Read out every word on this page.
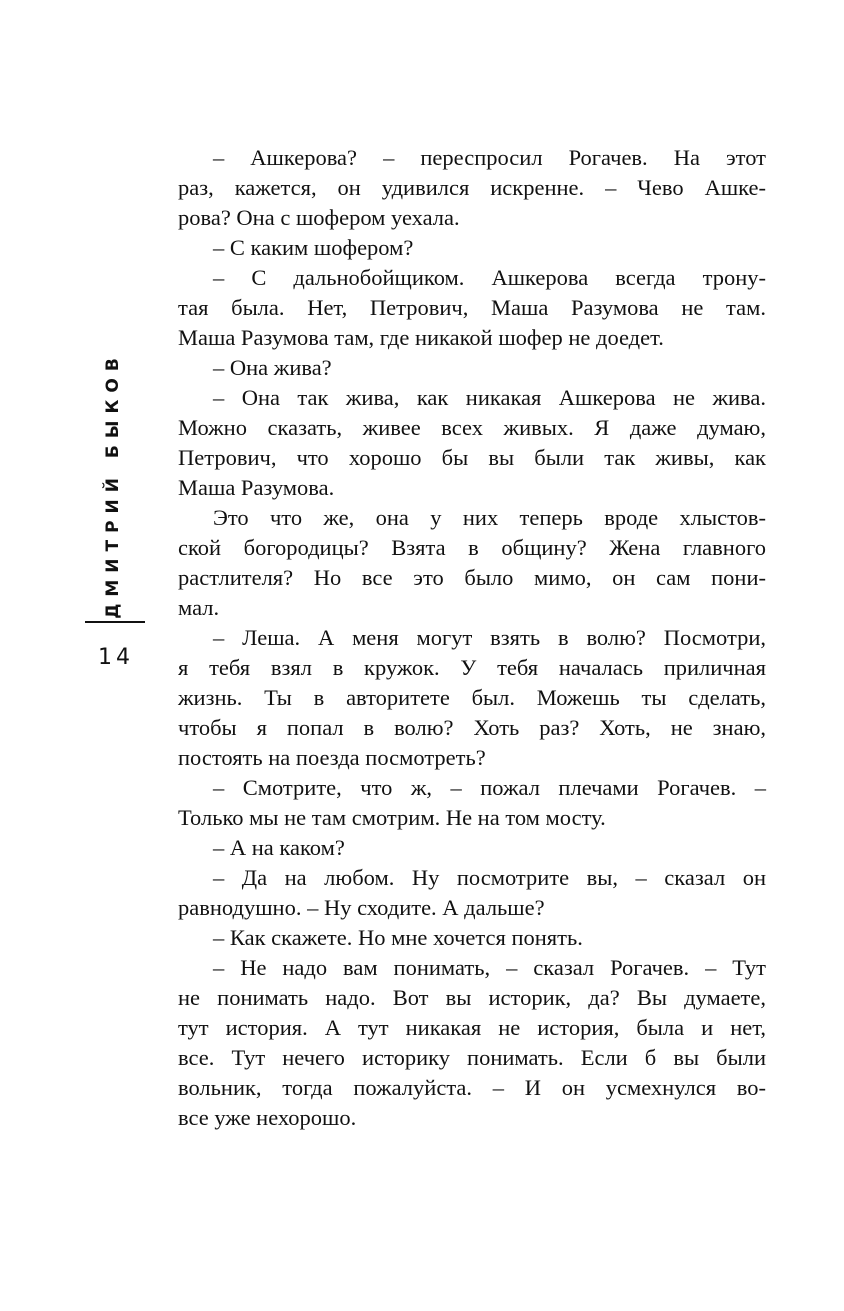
ДМИТРИЙ БЫКОВ
14
– Ашкерова? – переспросил Рогачев. На этот
раз, кажется, он удивился искренне. – Чево Ашке-
рова? Она с шофером уехала.
– С каким шофером?
– С дальнобойщиком. Ашкерова всегда трону-
тая была. Нет, Петрович, Маша Разумова не там.
Маша Разумова там, где никакой шофер не доедет.
– Она жива?
– Она так жива, как никакая Ашкерова не жива.
Можно сказать, живее всех живых. Я даже думаю,
Петрович, что хорошо бы вы были так живы, как
Маша Разумова.
Это что же, она у них теперь вроде хлыстов-
ской богородицы? Взята в общину? Жена главного
растлителя? Но все это было мимо, он сам пони-
мал.
– Леша. А меня могут взять в волю? Посмотри,
я тебя взял в кружок. У тебя началась приличная
жизнь. Ты в авторитете был. Можешь ты сделать,
чтобы я попал в волю? Хоть раз? Хоть, не знаю,
постоять на поезда посмотреть?
– Смотрите, что ж, – пожал плечами Рогачев. –
Только мы не там смотрим. Не на том мосту.
– А на каком?
– Да на любом. Ну посмотрите вы, – сказал он
равнодушно. – Ну сходите. А дальше?
– Как скажете. Но мне хочется понять.
– Не надо вам понимать, – сказал Рогачев. – Тут
не понимать надо. Вот вы историк, да? Вы думаете,
тут история. А тут никакая не история, была и нет,
все. Тут нечего историку понимать. Если б вы были
вольник, тогда пожалуйста. – И он усмехнулся во-
все уже нехорошо.
